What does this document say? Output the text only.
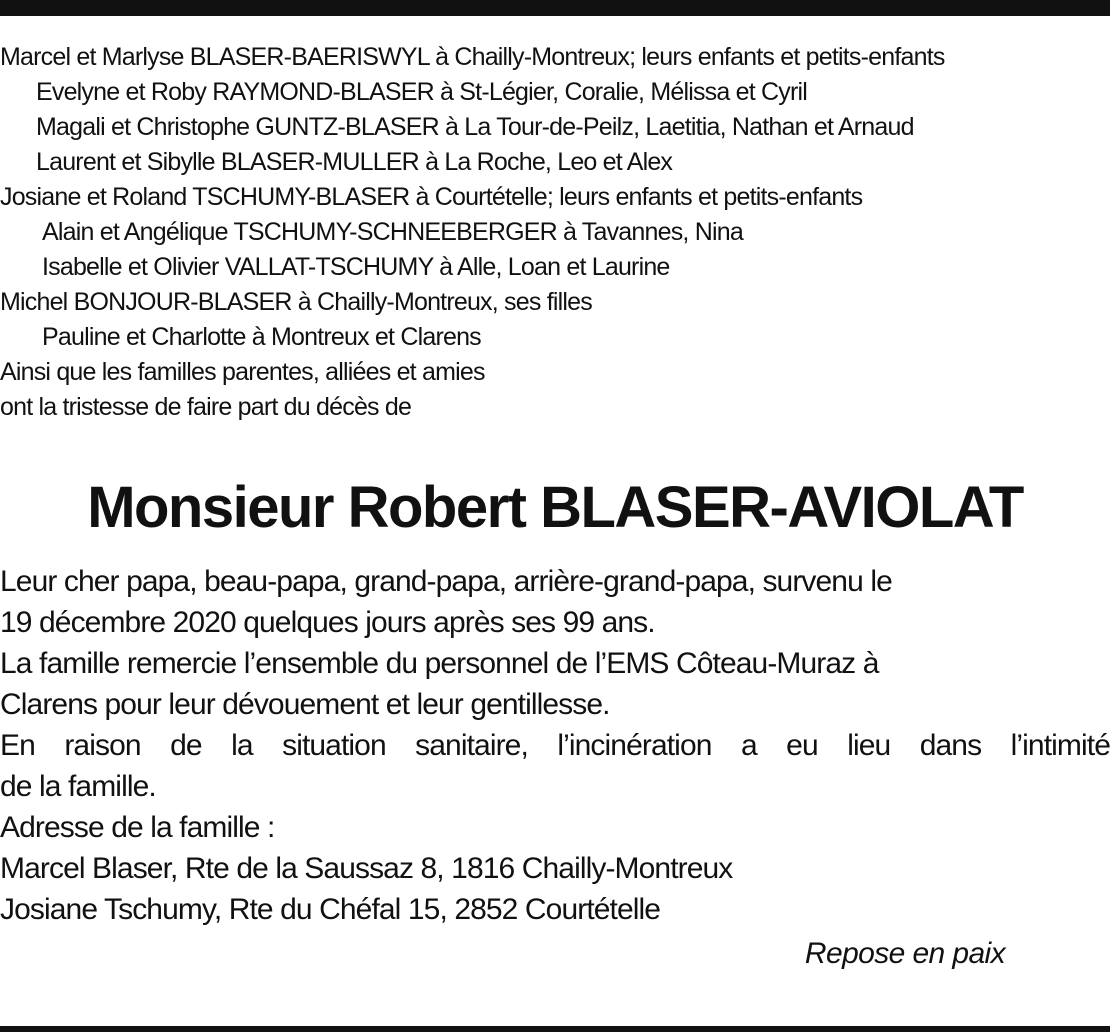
Marcel et Marlyse BLASER-BAERISWYL à Chailly-Montreux; leurs enfants et petits-enfants
Evelyne et Roby RAYMOND-BLASER à St-Légier, Coralie, Mélissa et Cyril
Magali et Christophe GUNTZ-BLASER à La Tour-de-Peilz, Laetitia, Nathan et Arnaud
Laurent et Sibylle BLASER-MULLER à La Roche, Leo et Alex
Josiane et Roland TSCHUMY-BLASER à Courtételle; leurs enfants et petits-enfants
Alain et Angélique TSCHUMY-SCHNEEBERGER à Tavannes, Nina
Isabelle et Olivier VALLAT-TSCHUMY à Alle, Loan et Laurine
Michel BONJOUR-BLASER à Chailly-Montreux, ses filles
Pauline et Charlotte à Montreux et Clarens
Ainsi que les familles parentes, alliées et amies
ont la tristesse de faire part du décès de
Monsieur Robert BLASER-AVIOLAT
Leur cher papa, beau-papa, grand-papa, arrière-grand-papa, survenu le
19 décembre 2020 quelques jours après ses 99 ans.
La famille remercie l’ensemble du personnel de l’EMS Côteau-Muraz à
Clarens pour leur dévouement et leur gentillesse.
En raison de la situation sanitaire, l’incinération a eu lieu dans l’intimité
de la famille.
Adresse de la famille :
Marcel Blaser, Rte de la Saussaz 8, 1816 Chailly-Montreux
Josiane Tschumy, Rte du Chéfal 15, 2852 Courtételle
Repose en paix
